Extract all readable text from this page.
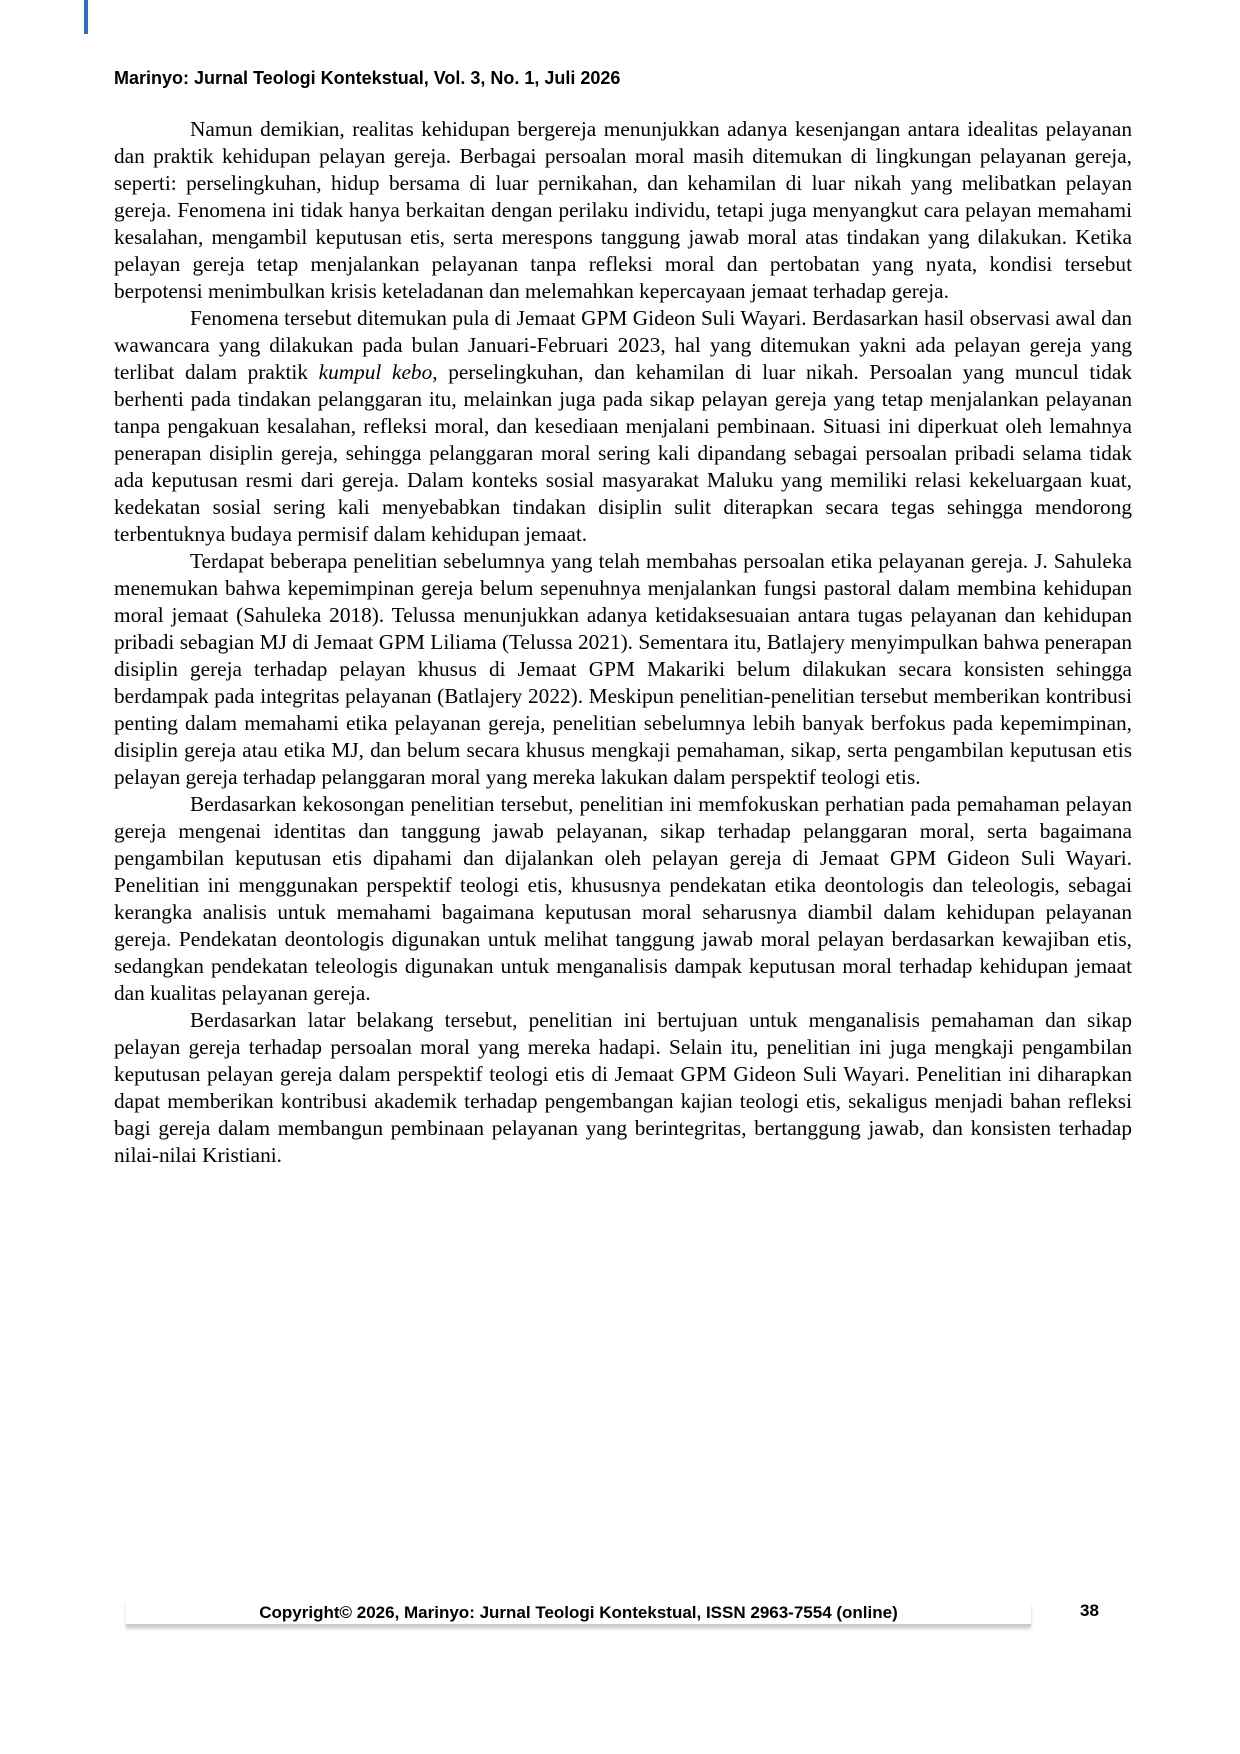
Marinyo: Jurnal Teologi Kontekstual, Vol. 3, No. 1, Juli 2026

Namun demikian, realitas kehidupan bergereja menunjukkan adanya kesenjangan antara idealitas pelayanan dan praktik kehidupan pelayan gereja. Berbagai persoalan moral masih ditemukan di lingkungan pelayanan gereja, seperti: perselingkuhan, hidup bersama di luar pernikahan, dan kehamilan di luar nikah yang melibatkan pelayan gereja. Fenomena ini tidak hanya berkaitan dengan perilaku individu, tetapi juga menyangkut cara pelayan memahami kesalahan, mengambil keputusan etis, serta merespons tanggung jawab moral atas tindakan yang dilakukan. Ketika pelayan gereja tetap menjalankan pelayanan tanpa refleksi moral dan pertobatan yang nyata, kondisi tersebut berpotensi menimbulkan krisis keteladanan dan melemahkan kepercayaan jemaat terhadap gereja.

Fenomena tersebut ditemukan pula di Jemaat GPM Gideon Suli Wayari. Berdasarkan hasil observasi awal dan wawancara yang dilakukan pada bulan Januari-Februari 2023, hal yang ditemukan yakni ada pelayan gereja yang terlibat dalam praktik kumpul kebo, perselingkuhan, dan kehamilan di luar nikah. Persoalan yang muncul tidak berhenti pada tindakan pelanggaran itu, melainkan juga pada sikap pelayan gereja yang tetap menjalankan pelayanan tanpa pengakuan kesalahan, refleksi moral, dan kesediaan menjalani pembinaan. Situasi ini diperkuat oleh lemahnya penerapan disiplin gereja, sehingga pelanggaran moral sering kali dipandang sebagai persoalan pribadi selama tidak ada keputusan resmi dari gereja. Dalam konteks sosial masyarakat Maluku yang memiliki relasi kekeluargaan kuat, kedekatan sosial sering kali menyebabkan tindakan disiplin sulit diterapkan secara tegas sehingga mendorong terbentuknya budaya permisif dalam kehidupan jemaat.

Terdapat beberapa penelitian sebelumnya yang telah membahas persoalan etika pelayanan gereja. J. Sahuleka menemukan bahwa kepemimpinan gereja belum sepenuhnya menjalankan fungsi pastoral dalam membina kehidupan moral jemaat (Sahuleka 2018). Telussa menunjukkan adanya ketidaksesuaian antara tugas pelayanan dan kehidupan pribadi sebagian MJ di Jemaat GPM Liliama (Telussa 2021). Sementara itu, Batlajery menyimpulkan bahwa penerapan disiplin gereja terhadap pelayan khusus di Jemaat GPM Makariki belum dilakukan secara konsisten sehingga berdampak pada integritas pelayanan (Batlajery 2022). Meskipun penelitian-penelitian tersebut memberikan kontribusi penting dalam memahami etika pelayanan gereja, penelitian sebelumnya lebih banyak berfokus pada kepemimpinan, disiplin gereja atau etika MJ, dan belum secara khusus mengkaji pemahaman, sikap, serta pengambilan keputusan etis pelayan gereja terhadap pelanggaran moral yang mereka lakukan dalam perspektif teologi etis.

Berdasarkan kekosongan penelitian tersebut, penelitian ini memfokuskan perhatian pada pemahaman pelayan gereja mengenai identitas dan tanggung jawab pelayanan, sikap terhadap pelanggaran moral, serta bagaimana pengambilan keputusan etis dipahami dan dijalankan oleh pelayan gereja di Jemaat GPM Gideon Suli Wayari. Penelitian ini menggunakan perspektif teologi etis, khususnya pendekatan etika deontologis dan teleologis, sebagai kerangka analisis untuk memahami bagaimana keputusan moral seharusnya diambil dalam kehidupan pelayanan gereja. Pendekatan deontologis digunakan untuk melihat tanggung jawab moral pelayan berdasarkan kewajiban etis, sedangkan pendekatan teleologis digunakan untuk menganalisis dampak keputusan moral terhadap kehidupan jemaat dan kualitas pelayanan gereja.

Berdasarkan latar belakang tersebut, penelitian ini bertujuan untuk menganalisis pemahaman dan sikap pelayan gereja terhadap persoalan moral yang mereka hadapi. Selain itu, penelitian ini juga mengkaji pengambilan keputusan pelayan gereja dalam perspektif teologi etis di Jemaat GPM Gideon Suli Wayari. Penelitian ini diharapkan dapat memberikan kontribusi akademik terhadap pengembangan kajian teologi etis, sekaligus menjadi bahan refleksi bagi gereja dalam membangun pembinaan pelayanan yang berintegritas, bertanggung jawab, dan konsisten terhadap nilai-nilai Kristiani.

Copyright© 2026, Marinyo: Jurnal Teologi Kontekstual, ISSN 2963-7554 (online)	38
